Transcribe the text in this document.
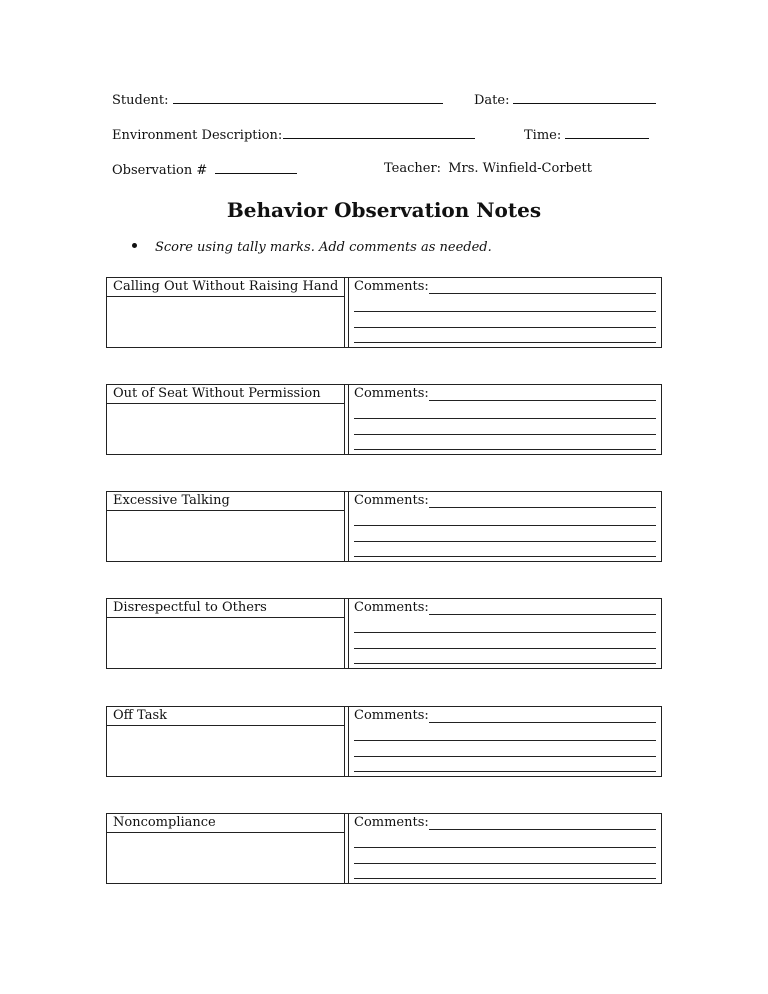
Student:	Date:
Environment Description:	Time:
Observation #	Teacher: Mrs. Winfield-Corbett
Behavior Observation Notes
Score using tally marks. Add comments as needed.
Calling Out Without Raising Hand	Comments:
Out of Seat Without Permission	Comments:
Excessive Talking	Comments:
Disrespectful to Others	Comments:
Off Task	Comments:
Noncompliance	Comments:
